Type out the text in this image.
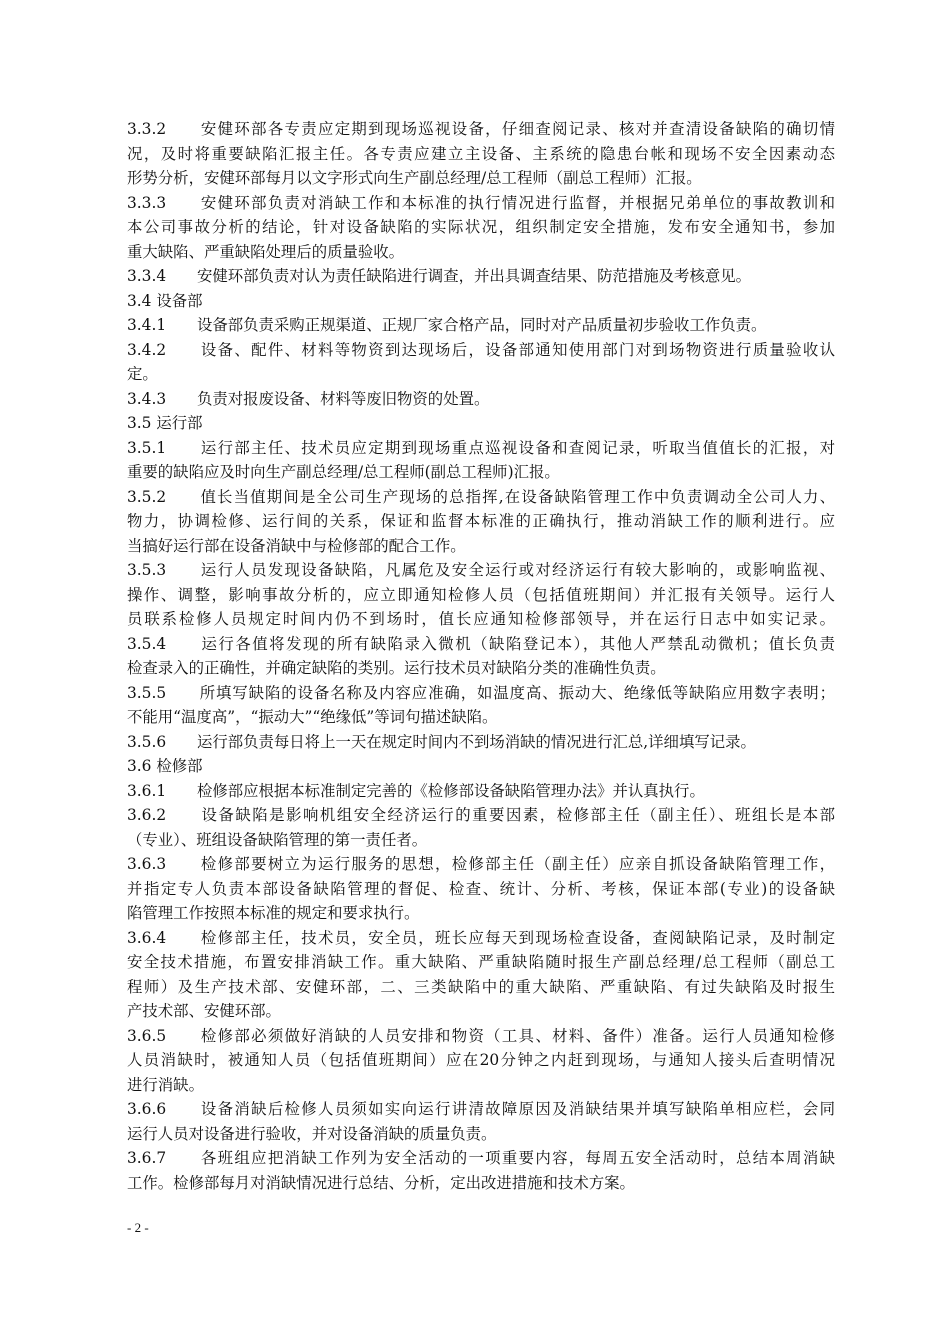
3.3.2　　安健环部各专责应定期到现场巡视设备，仔细查阅记录、核对并查清设备缺陷的确切情
况，及时将重要缺陷汇报主任。各专责应建立主设备、主系统的隐患台帐和现场不安全因素动态
形势分析，安健环部每月以文字形式向生产副总经理/总工程师（副总工程师）汇报。
3.3.3　　安健环部负责对消缺工作和本标准的执行情况进行监督，并根据兄弟单位的事故教训和
本公司事故分析的结论，针对设备缺陷的实际状况，组织制定安全措施，发布安全通知书，参加
重大缺陷、严重缺陷处理后的质量验收。
3.3.4　　安健环部负责对认为责任缺陷进行调查，并出具调查结果、防范措施及考核意见。
3.4 设备部
3.4.1　　设备部负责采购正规渠道、正规厂家合格产品，同时对产品质量初步验收工作负责。
3.4.2　　设备、配件、材料等物资到达现场后，设备部通知使用部门对到场物资进行质量验收认
定。
3.4.3　　负责对报废设备、材料等废旧物资的处置。
3.5 运行部
3.5.1　　运行部主任、技术员应定期到现场重点巡视设备和查阅记录，听取当值值长的汇报，对
重要的缺陷应及时向生产副总经理/总工程师(副总工程师)汇报。
3.5.2　　值长当值期间是全公司生产现场的总指挥,在设备缺陷管理工作中负责调动全公司人力、
物力，协调检修、运行间的关系，保证和监督本标准的正确执行，推动消缺工作的顺利进行。应
当搞好运行部在设备消缺中与检修部的配合工作。
3.5.3　　运行人员发现设备缺陷，凡属危及安全运行或对经济运行有较大影响的，或影响监视、
操作、调整，影响事故分析的，应立即通知检修人员（包括值班期间）并汇报有关领导。运行人
员联系检修人员规定时间内仍不到场时，值长应通知检修部领导，并在运行日志中如实记录。
3.5.4　　运行各值将发现的所有缺陷录入微机（缺陷登记本），其他人严禁乱动微机；值长负责
检查录入的正确性，并确定缺陷的类别。运行技术员对缺陷分类的准确性负责。
3.5.5　　所填写缺陷的设备名称及内容应准确，如温度高、振动大、绝缘低等缺陷应用数字表明；
不能用“温度高”，“振动大”“绝缘低”等词句描述缺陷。
3.5.6　　运行部负责每日将上一天在规定时间内不到场消缺的情况进行汇总,详细填写记录。
3.6 检修部
3.6.1　　检修部应根据本标准制定完善的《检修部设备缺陷管理办法》并认真执行。
3.6.2　　设备缺陷是影响机组安全经济运行的重要因素，检修部主任（副主任）、班组长是本部
（专业）、班组设备缺陷管理的第一责任者。
3.6.3　　检修部要树立为运行服务的思想，检修部主任（副主任）应亲自抓设备缺陷管理工作，
并指定专人负责本部设备缺陷管理的督促、检查、统计、分析、考核，保证本部(专业)的设备缺
陷管理工作按照本标准的规定和要求执行。
3.6.4　　检修部主任，技术员，安全员，班长应每天到现场检查设备，查阅缺陷记录，及时制定
安全技术措施，布置安排消缺工作。重大缺陷、严重缺陷随时报生产副总经理/总工程师（副总工
程师）及生产技术部、安健环部，二、三类缺陷中的重大缺陷、严重缺陷、有过失缺陷及时报生
产技术部、安健环部。
3.6.5　　检修部必须做好消缺的人员安排和物资（工具、材料、备件）准备。运行人员通知检修
人员消缺时，被通知人员（包括值班期间）应在20分钟之内赶到现场，与通知人接头后查明情况
进行消缺。
3.6.6　　设备消缺后检修人员须如实向运行讲清故障原因及消缺结果并填写缺陷单相应栏，会同
运行人员对设备进行验收，并对设备消缺的质量负责。
3.6.7　　各班组应把消缺工作列为安全活动的一项重要内容，每周五安全活动时，总结本周消缺
工作。检修部每月对消缺情况进行总结、分析，定出改进措施和技术方案。
- 2 -
